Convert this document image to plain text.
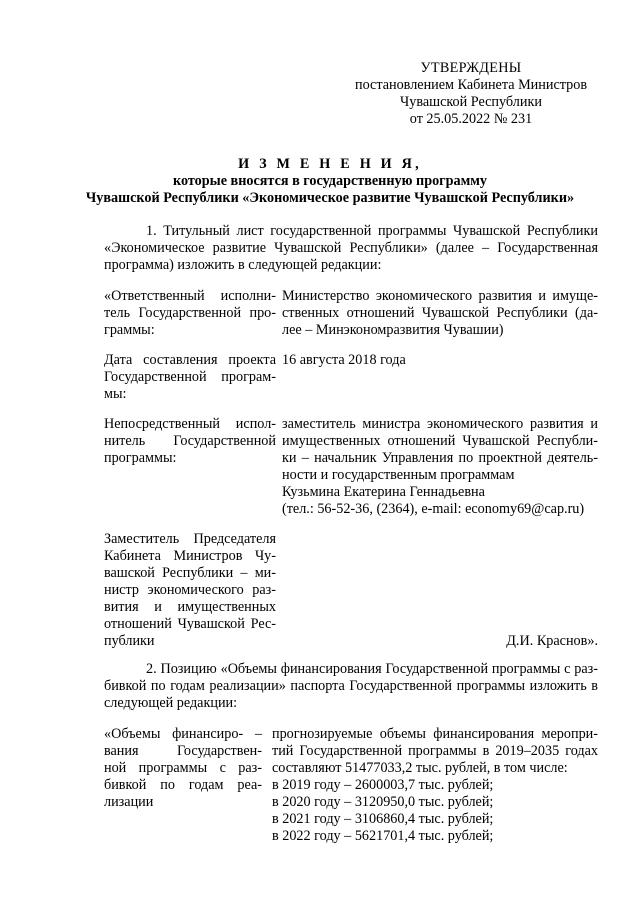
УТВЕРЖДЕНЫ
постановлением Кабинета Министров
Чувашской Республики
от 25.05.2022 № 231
И З М Е Н Е Н И Я,
которые вносятся в государственную программу
Чувашской Республики «Экономическое развитие Чувашской Республики»
1. Титульный лист государственной программы Чувашской Республики
«Экономическое развитие Чувашской Республики» (далее – Государственная
программа) изложить в следующей редакции:
«Ответственный исполни-
тель Государственной про-
граммы:
Министерство экономического развития и имуще-
ственных отношений Чувашской Республики (да-
лее – Минэкономразвития Чувашии)
Дата составления проекта
Государственной програм-
мы:
16 августа 2018 года
Непосредственный испол-
нитель Государственной
программы:
заместитель министра экономического развития и
имущественных отношений Чувашской Республи-
ки – начальник Управления по проектной деятель-
ности и государственным программам
Кузьмина Екатерина Геннадьевна
(тел.: 56-52-36, (2364), e-mail: economy69@cap.ru)
Заместитель Председателя
Кабинета Министров Чу-
вашской Республики – ми-
нистр экономического раз-
вития и имущественных
отношений Чувашской Рес-
публики	Д.И. Краснов».
2. Позицию «Объемы финансирования Государственной программы с раз-
бивкой по годам реализации» паспорта Государственной программы изложить в
следующей редакции:
«Объемы финансиро- –
вания Государствен-
ной программы с раз-
бивкой по годам реа-
лизации
прогнозируемые объемы финансирования меропри-
тий Государственной программы в 2019–2035 годах
составляют 51477033,2 тыс. рублей, в том числе:
в 2019 году – 2600003,7 тыс. рублей;
в 2020 году – 3120950,0 тыс. рублей;
в 2021 году – 3106860,4 тыс. рублей;
в 2022 году – 5621701,4 тыс. рублей;
